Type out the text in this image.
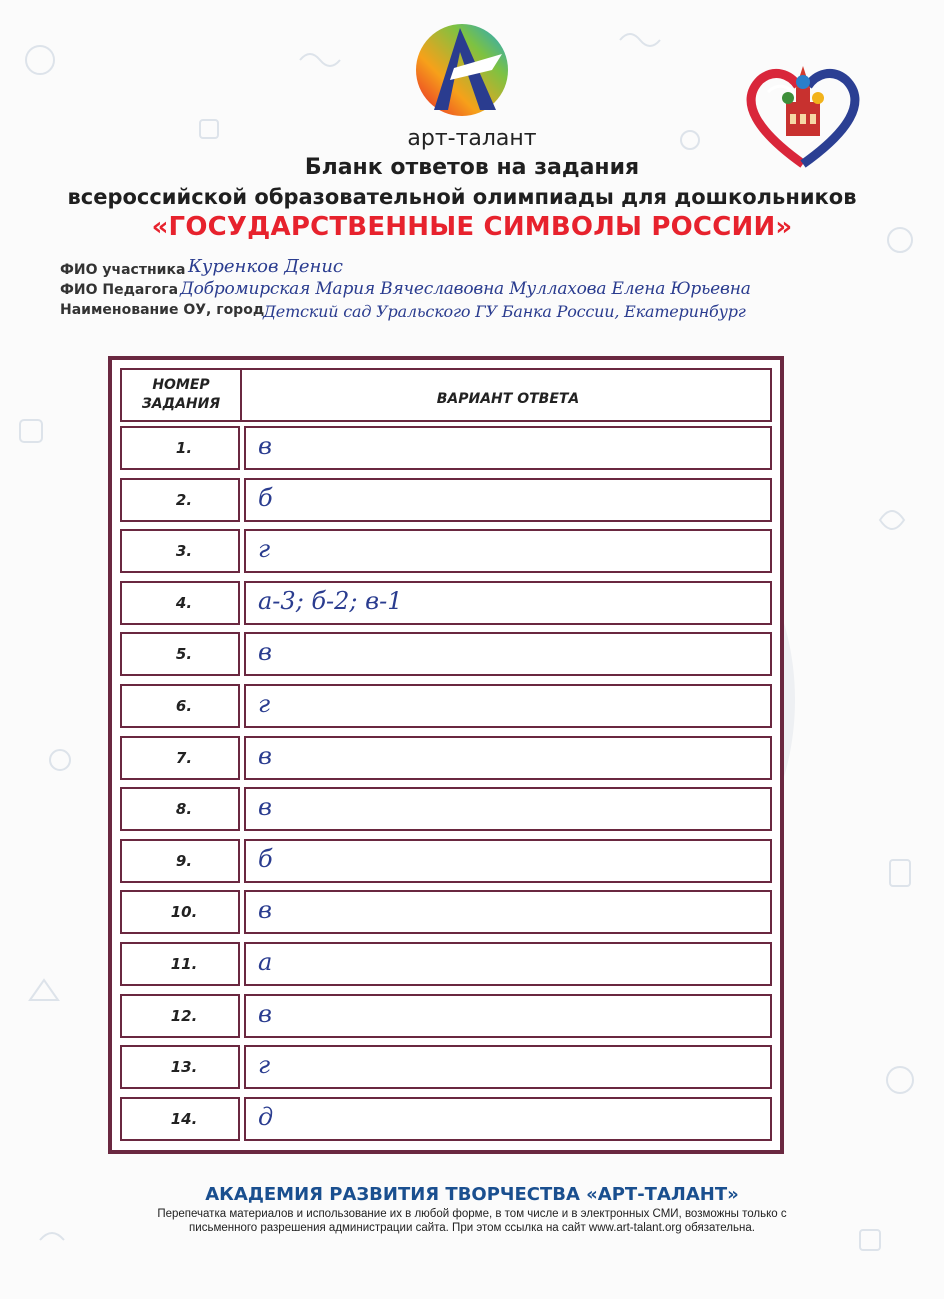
арт-талант
Бланк ответов на задания
всероссийской образовательной олимпиады для дошкольников
«ГОСУДАРСТВЕННЫЕ СИМВОЛЫ РОССИИ»
ФИО участника Куренков Денис
ФИО Педагога Добромирская Мария Вячеславовна Муллахова Елена Юрьевна
Наименование ОУ, город
Детский сад Уральского ГУ Банка России, Екатеринбург
НОМЕР
ЗАДАНИЯ	ВАРИАНТ ОТВЕТА
1.	в
2.	б
3.	г
4.	а-3; б-2; в-1
5.	в
6.	г
7.	в
8.	в
9.	б
10.	в
11.	а
12.	в
13.	г
14.	д
АКАДЕМИЯ РАЗВИТИЯ ТВОРЧЕСТВА «АРТ-ТАЛАНТ»
Перепечатка материалов и использование их в любой форме, в том числе и в электронных СМИ, возможны только с
письменного разрешения администрации сайта. При этом ссылка на сайт www.art-talant.org обязательна.
